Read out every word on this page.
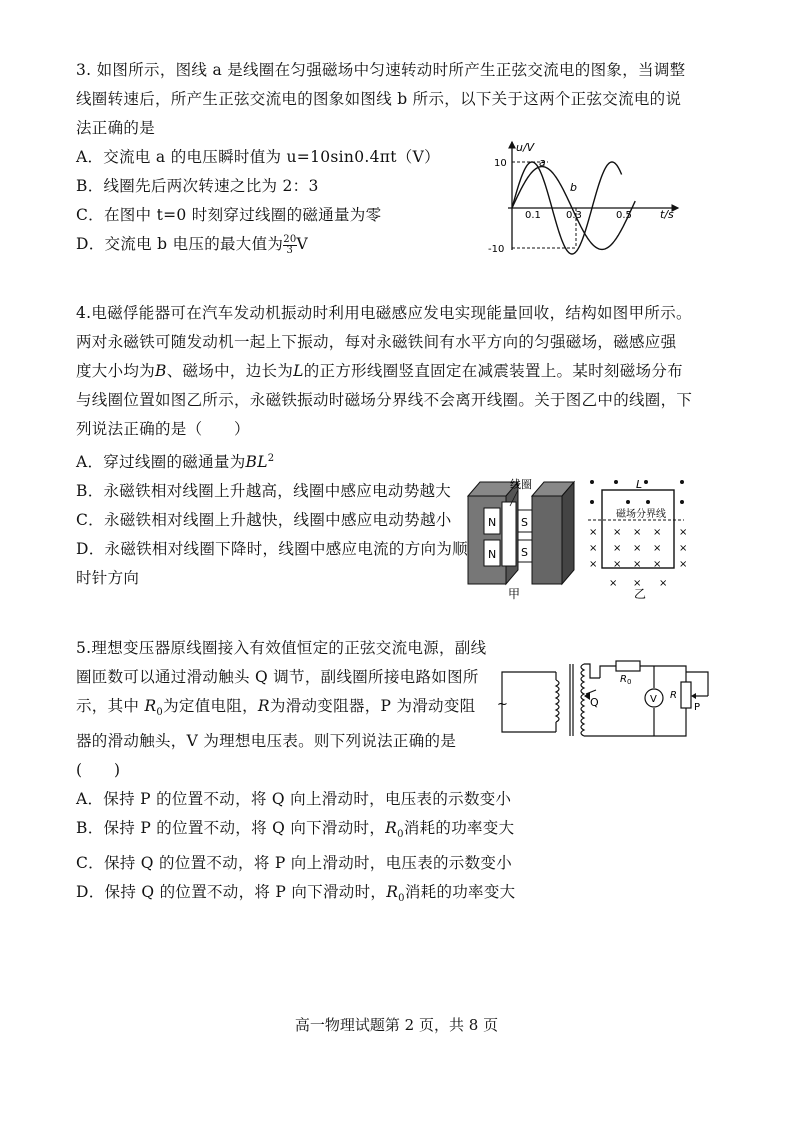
3. 如图所示，图线 a 是线圈在匀强磁场中匀速转动时所产生正弦交流电的图象，当调整

线圈转速后，所产生正弦交流电的图象如图线 b 所示，以下关于这两个正弦交流电的说

法正确的是

A．交流电 a 的电压瞬时值为 u=10sin0.4πt（V）

B．线圈先后两次转速之比为 2：3

C．在图中 t=0 时刻穿过线圈的磁通量为零

D．交流电 b 电压的最大值为 $\frac{20}{3}$ V

u/V
10
-10
t/s
0.1	0.3	0.5
a
b

4.电磁俘能器可在汽车发动机振动时利用电磁感应发电实现能量回收，结构如图甲所示。

两对永磁铁可随发动机一起上下振动，每对永磁铁间有水平方向的匀强磁场，磁感应强

度大小均为B、磁场中，边长为L的正方形线圈竖直固定在减震装置上。某时刻磁场分布

与线圈位置如图乙所示，永磁铁振动时磁场分界线不会离开线圈。关于图乙中的线圈，下

列说法正确的是（　　）

A．穿过线圈的磁通量为$BL^2$

B．永磁铁相对线圈上升越高，线圈中感应电动势越大

C．永磁铁相对线圈上升越快，线圈中感应电动势越小

D．永磁铁相对线圈下降时，线圈中感应电流的方向为顺

时针方向

N
N
S
S
线圈
甲
× × × × ×
× × × × ×
× × × × ×
× × ×
L
磁场分界线
乙

5.理想变压器原线圈接入有效值恒定的正弦交流电源，副线

圈匝数可以通过滑动触头 Q 调节，副线圈所接电路如图所

示，其中 $R_0$为定值电阻，R为滑动变阻器，P 为滑动变阻

器的滑动触头，V 为理想电压表。则下列说法正确的是

(　　)

A．保持 P 的位置不动，将 Q 向上滑动时，电压表的示数变小

B．保持 P 的位置不动，将 Q 向下滑动时，$R_0$消耗的功率变大

C．保持 Q 的位置不动，将 P 向上滑动时，电压表的示数变小

D．保持 Q 的位置不动，将 P 向下滑动时，$R_0$消耗的功率变大

~	Q
$R_0$
V R
P
高一物理试题第 2 页，共 8 页
